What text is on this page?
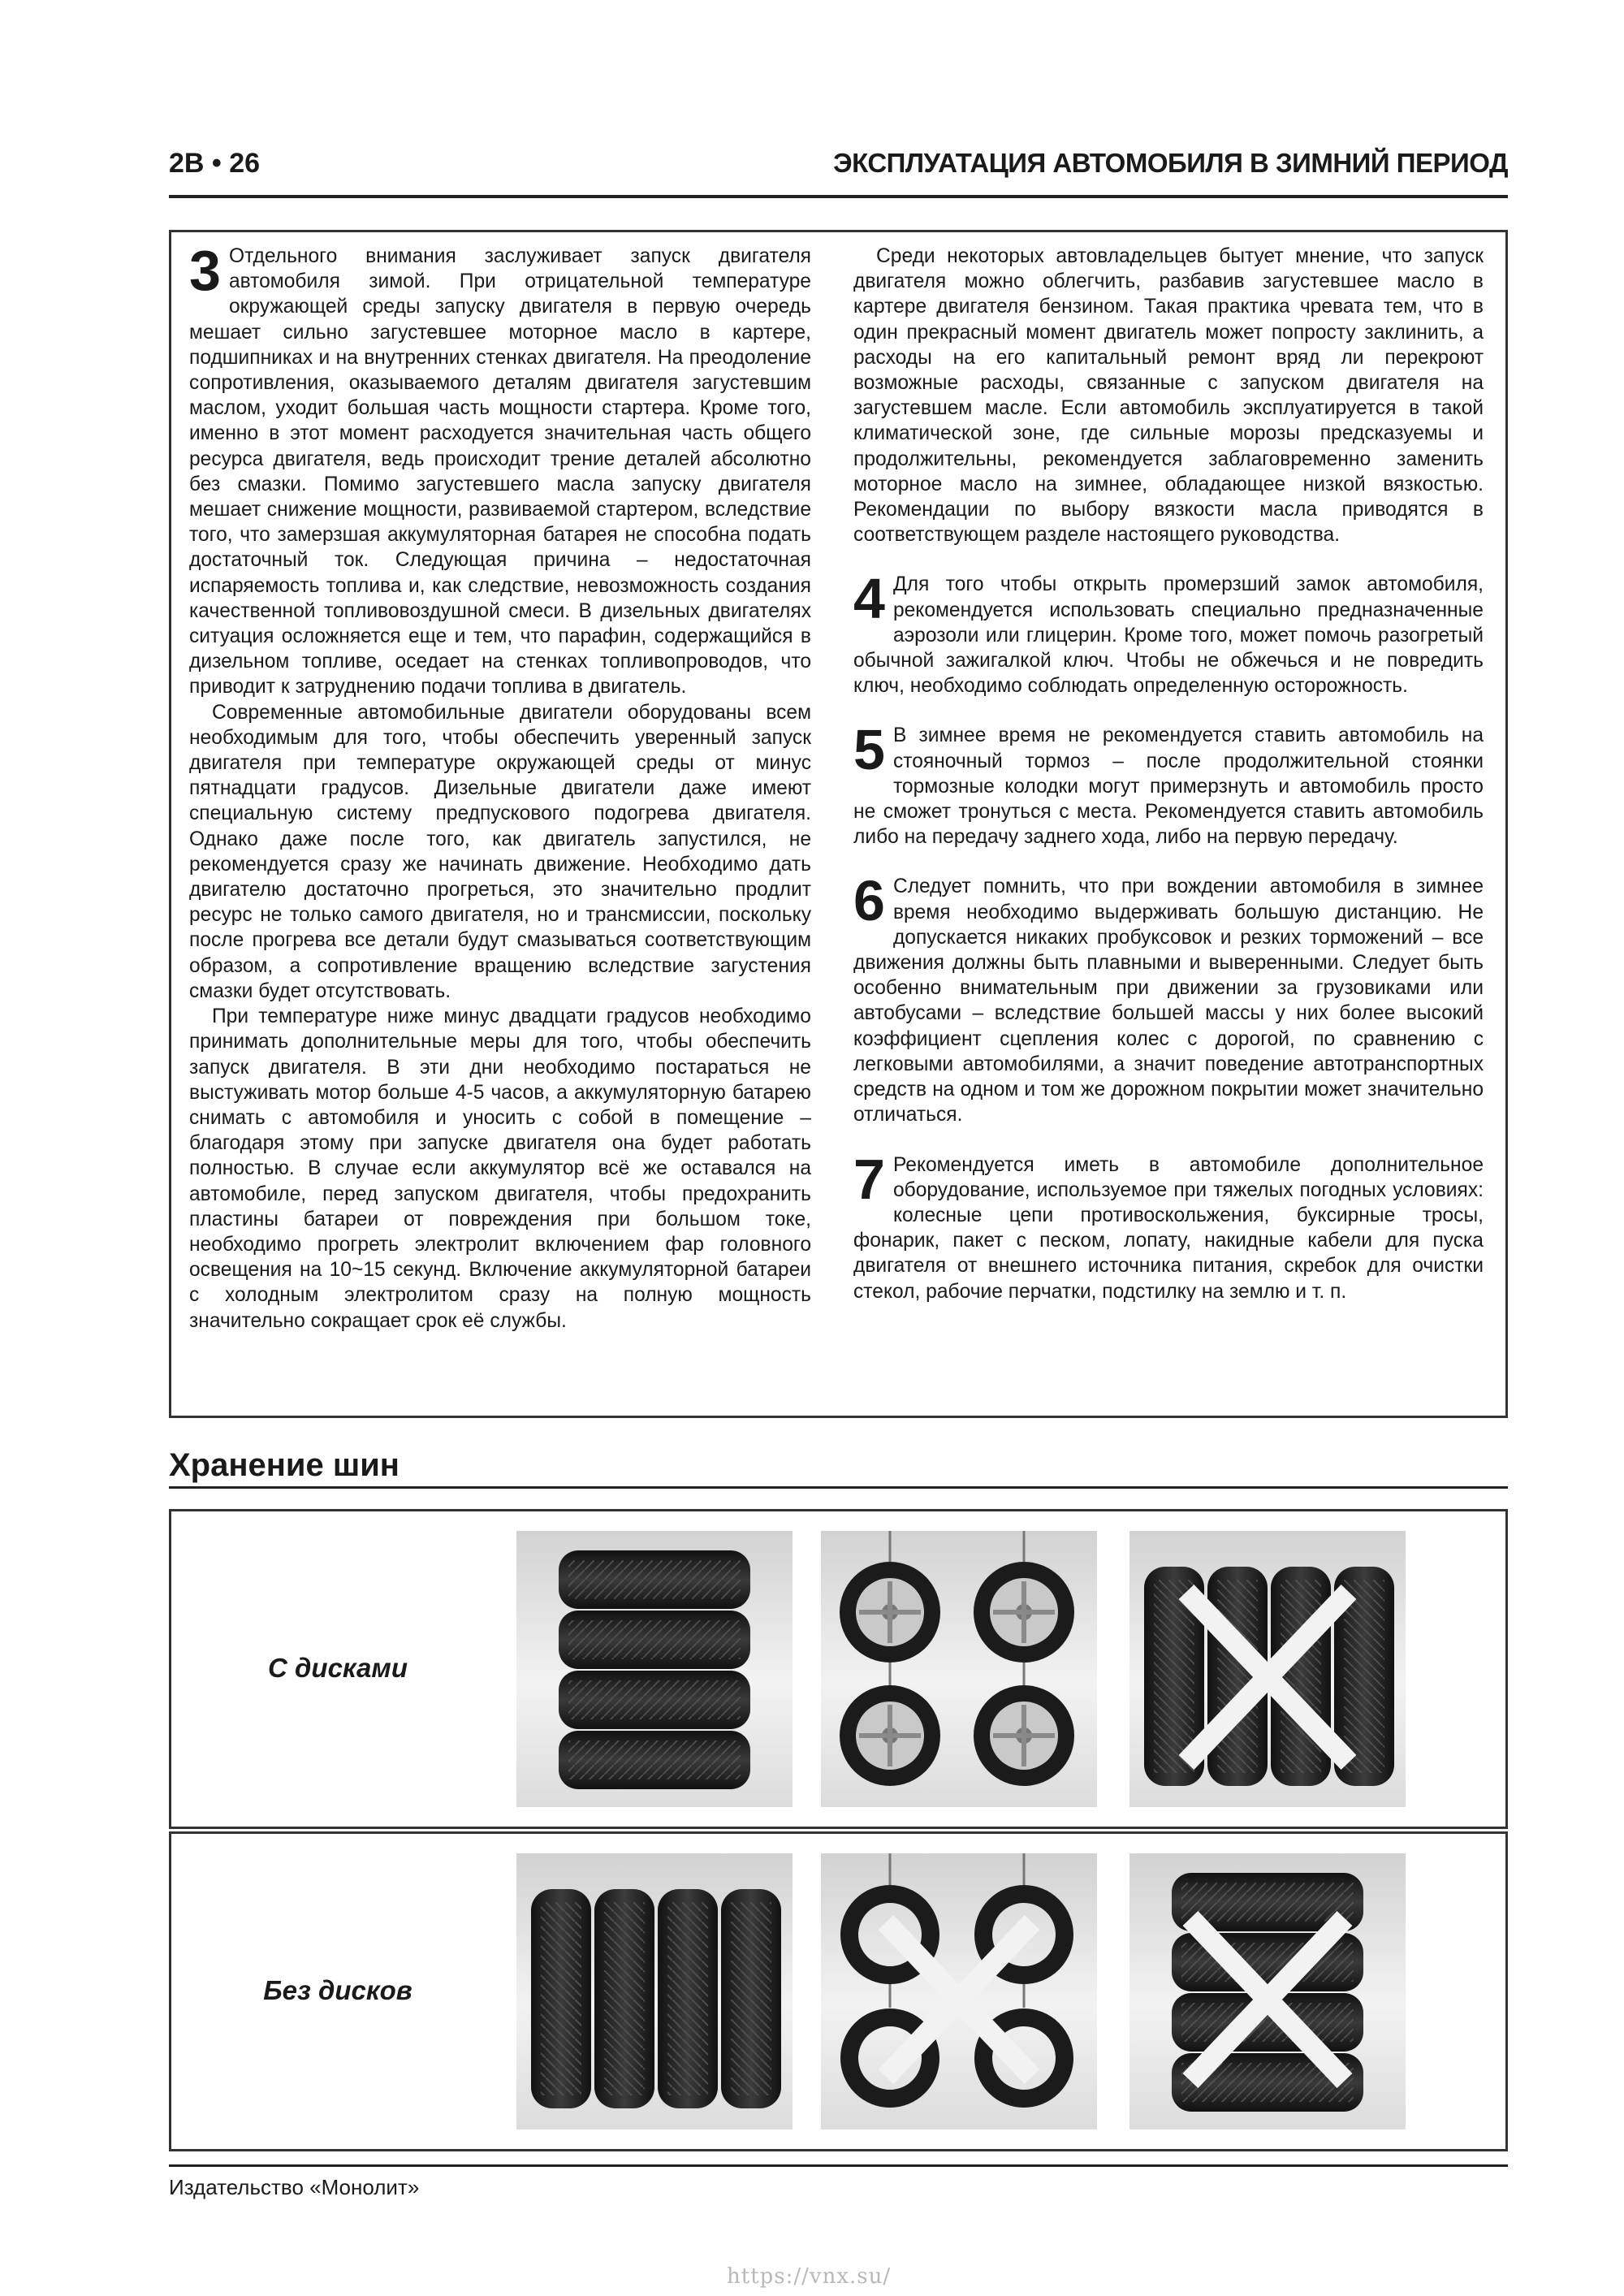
2B • 26	ЭКСПЛУАТАЦИЯ АВТОМОБИЛЯ В ЗИМНИЙ ПЕРИОД
3 Отдельного внимания заслуживает запуск двигателя автомобиля зимой. При отрицательной температуре окружающей среды запуску двигателя в первую очередь мешает сильно загустевшее моторное масло в картере, подшипниках и на внутренних стенках двигателя. На преодоление сопротивления, оказываемого деталям двигателя загустевшим маслом, уходит большая часть мощности стартера. Кроме того, именно в этот момент расходуется значительная часть общего ресурса двигателя, ведь происходит трение деталей абсолютно без смазки. Помимо загустевшего масла запуску двигателя мешает снижение мощности, развиваемой стартером, вследствие того, что замерзшая аккумуляторная батарея не способна подать достаточный ток. Следующая причина – недостаточная испаряемость топлива и, как следствие, невозможность создания качественной топливовоздушной смеси. В дизельных двигателях ситуация осложняется еще и тем, что парафин, содержащийся в дизельном топливе, оседает на стенках топливопроводов, что приводит к затруднению подачи топлива в двигатель.

Современные автомобильные двигатели оборудованы всем необходимым для того, чтобы обеспечить уверенный запуск двигателя при температуре окружающей среды от минус пятнадцати градусов. Дизельные двигатели даже имеют специальную систему предпускового подогрева двигателя. Однако даже после того, как двигатель запустился, не рекомендуется сразу же начинать движение. Необходимо дать двигателю достаточно прогреться, это значительно продлит ресурс не только самого двигателя, но и трансмиссии, поскольку после прогрева все детали будут смазываться соответствующим образом, а сопротивление вращению вследствие загустения смазки будет отсутствовать.

При температуре ниже минус двадцати градусов необходимо принимать дополнительные меры для того, чтобы обеспечить запуск двигателя. В эти дни необходимо постараться не выстуживать мотор больше 4-5 часов, а аккумуляторную батарею снимать с автомобиля и уносить с собой в помещение – благодаря этому при запуске двигателя она будет работать полностью. В случае если аккумулятор всё же оставался на автомобиле, перед запуском двигателя, чтобы предохранить пластины батареи от повреждения при большом токе, необходимо прогреть электролит включением фар головного освещения на 10~15 секунд. Включение аккумуляторной батареи с холодным электролитом сразу на полную мощность значительно сокращает срок её службы.

Среди некоторых автовладельцев бытует мнение, что запуск двигателя можно облегчить, разбавив загустевшее масло в картере двигателя бензином. Такая практика чревата тем, что в один прекрасный момент двигатель может попросту заклинить, а расходы на его капитальный ремонт вряд ли перекроют возможные расходы, связанные с запуском двигателя на загустевшем масле. Если автомобиль эксплуатируется в такой климатической зоне, где сильные морозы предсказуемы и продолжительны, рекомендуется заблаговременно заменить моторное масло на зимнее, обладающее низкой вязкостью. Рекомендации по выбору вязкости масла приводятся в соответствующем разделе настоящего руководства.

4 Для того чтобы открыть промерзший замок автомобиля, рекомендуется использовать специально предназначенные аэрозоли или глицерин. Кроме того, может помочь разогретый обычной зажигалкой ключ. Чтобы не обжечься и не повредить ключ, необходимо соблюдать определенную осторожность.

5 В зимнее время не рекомендуется ставить автомобиль на стояночный тормоз – после продолжительной стоянки тормозные колодки могут примерзнуть и автомобиль просто не сможет тронуться с места. Рекомендуется ставить автомобиль либо на передачу заднего хода, либо на первую передачу.

6 Следует помнить, что при вождении автомобиля в зимнее время необходимо выдерживать большую дистанцию. Не допускается никаких пробуксовок и резких торможений – все движения должны быть плавными и выверенными. Следует быть особенно внимательным при движении за грузовиками или автобусами – вследствие большей массы у них более высокий коэффициент сцепления колес с дорогой, по сравнению с легковыми автомобилями, а значит поведение автотранспортных средств на одном и том же дорожном покрытии может значительно отличаться.

7 Рекомендуется иметь в автомобиле дополнительное оборудование, используемое при тяжелых погодных условиях: колесные цепи противоскольжения, буксирные тросы, фонарик, пакет с песком, лопату, накидные кабели для пуска двигателя от внешнего источника питания, скребок для очистки стекол, рабочие перчатки, подстилку на землю и т. п.

Хранение шин
С дисками
Без дисков
Издательство «Монолит»
https://vnx.su/
